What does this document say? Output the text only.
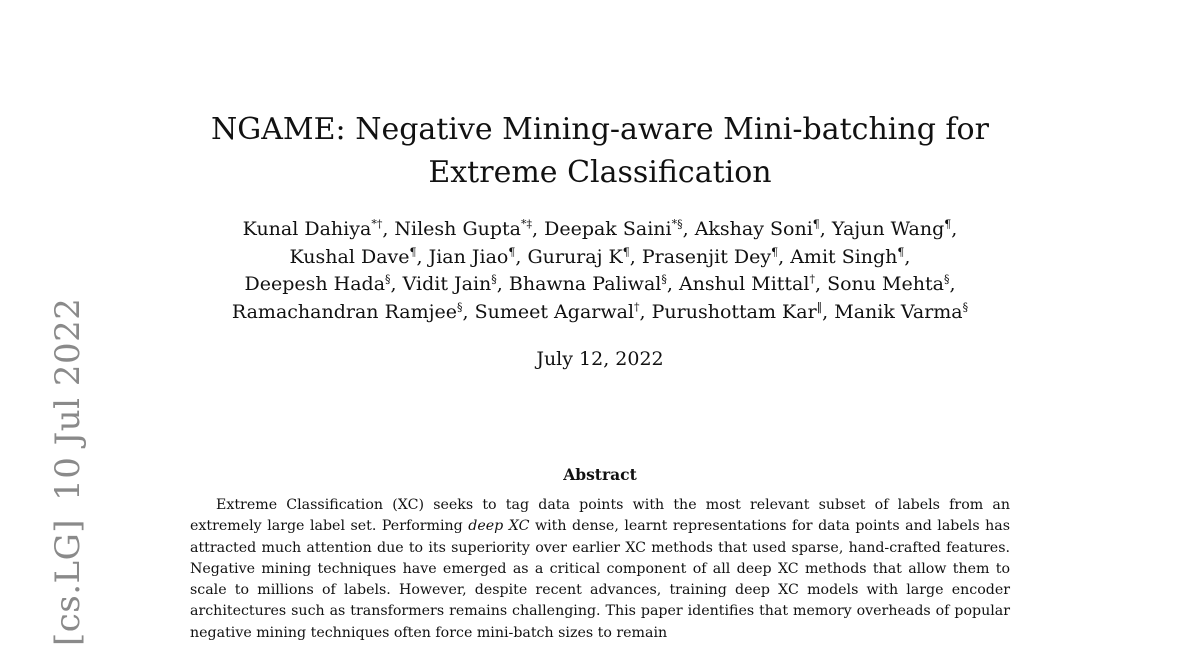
[cs.LG]10 Jul 2022
NGAME: Negative Mining-aware Mini-batching for Extreme Classification

Kunal Dahiya*†, Nilesh Gupta*‡, Deepak Saini*§, Akshay Soni¶, Yajun Wang¶,
Kushal Dave¶, Jian Jiao¶, Gururaj K¶, Prasenjit Dey¶, Amit Singh¶,
Deepesh Hada§, Vidit Jain§, Bhawna Paliwal§, Anshul Mittal†, Sonu Mehta§,
Ramachandran Ramjee§, Sumeet Agarwal†, Purushottam Kar‖, Manik Varma§

July 12, 2022
Abstract

Extreme Classification (XC) seeks to tag data points with the most relevant subset of labels from an extremely large label set. Performing deep XC with dense, learnt representations for data points and labels has attracted much attention due to its superiority over earlier XC methods that used sparse, hand-crafted features. Negative mining techniques have emerged as a critical component of all deep XC methods that allow them to scale to millions of labels. However, despite recent advances, training deep XC models with large encoder architectures such as transformers remains challenging. This paper identifies that memory overheads of popular negative mining techniques often force mini-batch sizes to remain
